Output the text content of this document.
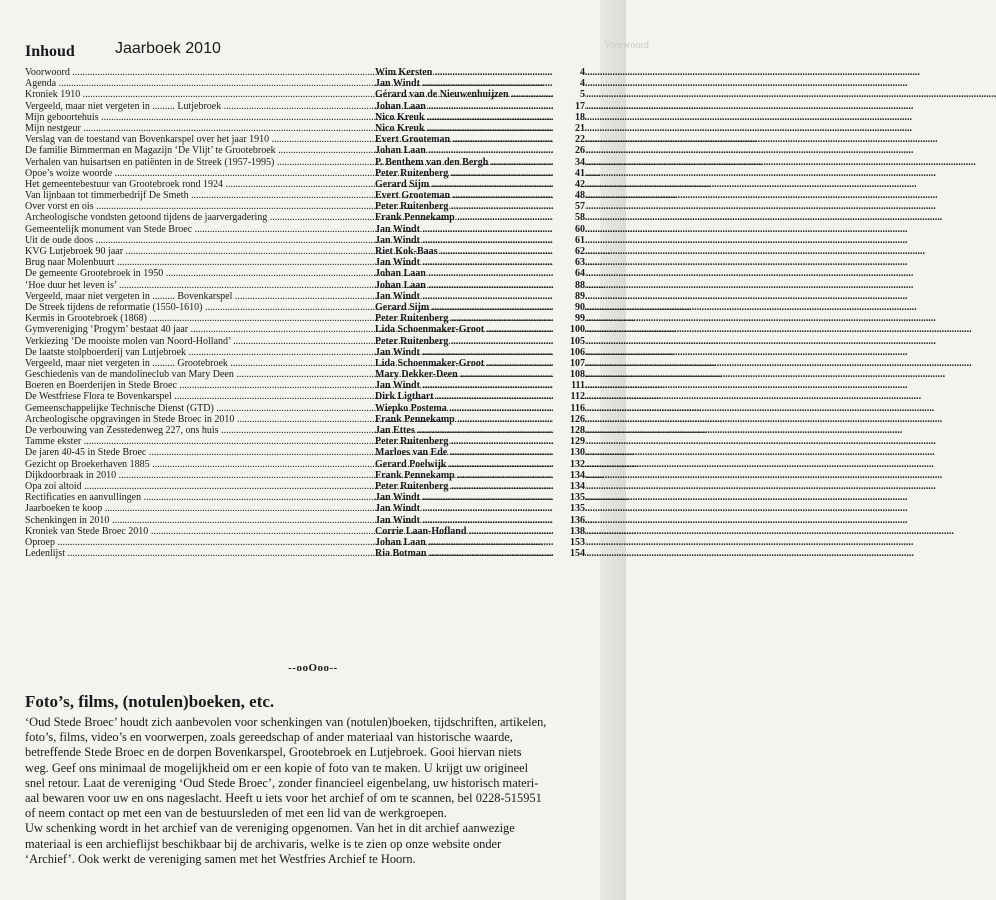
Voorwoord
Inhoud	Jaarboek 2010
Voorwoord .....	Wim Kersten .....	4
Agenda .....	Jan Windt .....	4
Kroniek 1910 .....	Gérard van de Nieuwenhuijzen .....	5
Vergeeld, maar niet vergeten in ......... Lutjebroek .....	Johan Laan .....	17
Mijn geboortehuis .....	Nico Kreuk .....	18
Mijn nestgeur .....	Nico Kreuk .....	21
Verslag van de toestand van Bovenkarspel over het jaar 1910 .....	Evert Grooteman .....	22
De familie Bimmerman en Magazijn ‘De Vlijt’ te Grootebroek .....	Johan Laan .....	26
Verhalen van huisartsen en patiënten in de Streek (1957-1995) .....	P. Benthem van den Bergh .....	34
Opoe’s woize woorde .....	Peter Ruitenberg .....	41
Het gemeentebestuur van Grootebroek rond 1924 .....	Gerard Sijm .....	42
Van lijnbaan tot timmerbedrijf De Smeth .....	Evert Grooteman .....	48
Over vorst en ois .....	Peter Ruitenberg .....	57
Archeologische vondsten getoond tijdens de jaarvergadering .....	Frank Pennekamp .....	58
Gemeentelijk monument van Stede Broec .....	Jan Windt .....	60
Uit de oude doos .....	Jan Windt .....	61
KVG Lutjebroek 90 jaar .....	Riet Kok-Baas .....	62
Brug naar Molenbuurt .....	Jan Windt .....	63
De gemeente Grootebroek in 1950 .....	Johan Laan .....	64
‘Hoe duur het leven is’ .....	Johan Laan .....	88
Vergeeld, maar niet vergeten in ......... Bovenkarspel .....	Jan Windt .....	89
De Streek tijdens de reformatie (1550-1610) .....	Gerard Sijm .....	90
Kermis in Grootebroek (1868) .....	Peter Ruitenberg .....	99
Gymvereniging ‘Progym’ bestaat 40 jaar .....	Lida Schoenmaker-Groot .....	100
Verkiezing ‘De mooiste molen van Noord-Holland’ .....	Peter Ruitenberg .....	105
De laatste stolpboerderij van Lutjebroek .....	Jan Windt .....	106
Vergeeld, maar niet vergeten in ......... Grootebroek .....	Lida Schoenmaker-Groot .....	107
Geschiedenis van de mandolineclub van Mary Deen .....	Mary Dekker-Deen .....	108
Boeren en Boerderijen in Stede Broec .....	Jan Windt .....	111
De Westfriese Flora te Bovenkarspel .....	Dirk Ligthart .....	112
Gemeenschappelijke Technische Dienst (GTD) .....	Wiepko Postema .....	116
Archeologische opgravingen in Stede Broec in 2010 .....	Frank Pennekamp .....	126
De verbouwing van Zesstedenweg 227, ons huis .....	Jan Ettes .....	128
Tamme ekster .....	Peter Ruitenberg .....	129
De jaren 40-45 in Stede Broec .....	Marloes van Ede .....	130
Gezicht op Broekerhaven 1885 .....	Gerard Poelwijk .....	132
Dijkdoorbraak in 2010 .....	Frank Pennekamp .....	134
Opa zoi altoid .....	Peter Ruitenberg .....	134
Rectificaties en aanvullingen .....	Jan Windt .....	135
Jaarboeken te koop .....	Jan Windt .....	135
Schenkingen in 2010 .....	Jan Windt .....	136
Kroniek van Stede Broec 2010 .....	Corrie Laan-Hofland .....	138
Oproep .....	Johan Laan .....	153
Ledenlijst .....	Ria Botman .....	154
--ooOoo--
Foto’s, films, (notulen)boeken, etc.
‘Oud Stede Broec’ houdt zich aanbevolen voor schenkingen van (notulen)boeken, tijdschriften, artikelen,
foto’s, films, video’s en voorwerpen, zoals gereedschap of ander materiaal van historische waarde,
betreffende Stede Broec en de dorpen Bovenkarspel, Grootebroek en Lutjebroek. Gooi hiervan niets
weg. Geef ons minimaal de mogelijkheid om er een kopie of foto van te maken. U krijgt uw origineel
snel retour. Laat de vereniging ‘Oud Stede Broec’, zonder financieel eigenbelang, uw historisch materi-
aal bewaren voor uw en ons nageslacht. Heeft u iets voor het archief of om te scannen, bel 0228-515951
of neem contact op met een van de bestuursleden of met een lid van de werkgroepen.
Uw schenking wordt in het archief van de vereniging opgenomen. Van het in dit archief aanwezige
materiaal is een archieflijst beschikbaar bij de archivaris, welke is te zien op onze website onder
‘Archief’. Ook werkt de vereniging samen met het Westfries Archief te Hoorn.
